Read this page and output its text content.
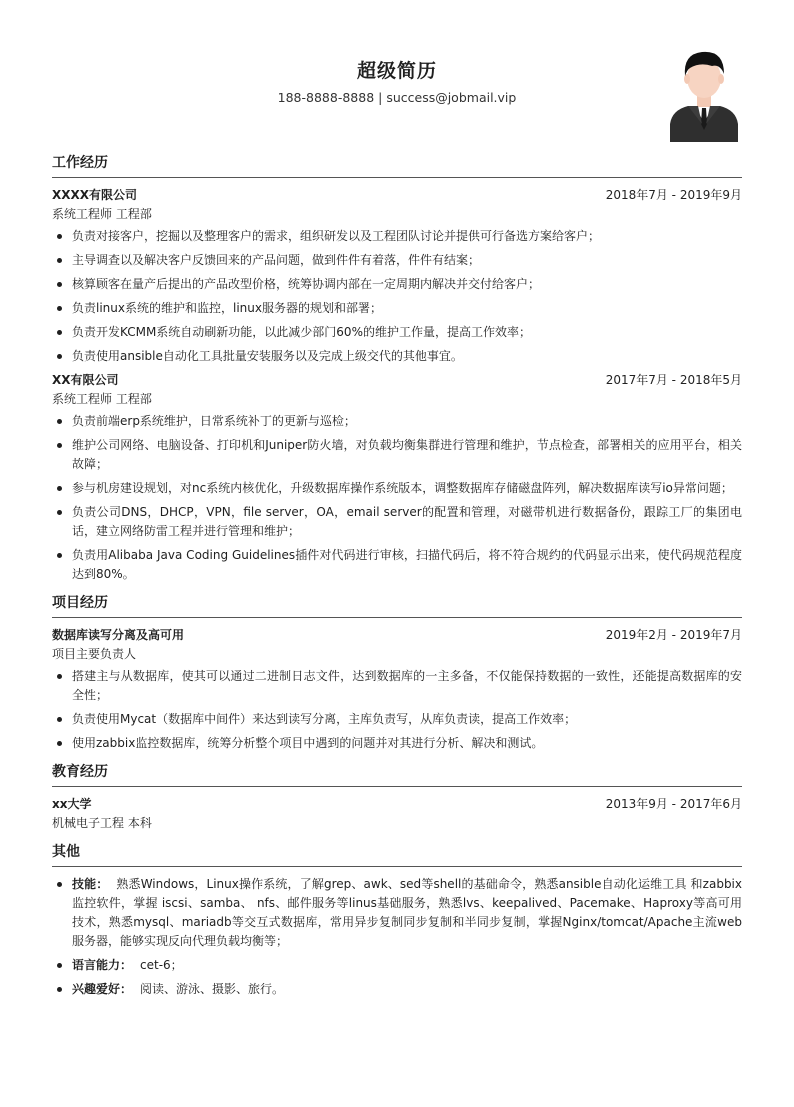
超级简历
188-8888-8888 | success@jobmail.vip
工作经历
XXXX有限公司	2018年7月 - 2019年9月
系统工程师 工程部
负责对接客户，挖掘以及整理客户的需求，组织研发以及工程团队讨论并提供可行备选方案给客户；
主导调查以及解决客户反馈回来的产品问题，做到件件有着落，件件有结案；
核算顾客在量产后提出的产品改型价格，统筹协调内部在一定周期内解决并交付给客户；
负责linux系统的维护和监控，linux服务器的规划和部署；
负责开发KCMM系统自动刷新功能，以此减少部门60%的维护工作量，提高工作效率；
负责使用ansible自动化工具批量安装服务以及完成上级交代的其他事宜。
XX有限公司	2017年7月 - 2018年5月
系统工程师 工程部
负责前端erp系统维护，日常系统补丁的更新与巡检；
维护公司网络、电脑设备、打印机和Juniper防火墙，对负载均衡集群进行管理和维护，节点检查，部署相关的应用平台，相关故障；
参与机房建设规划，对nc系统内核优化，升级数据库操作系统版本，调整数据库存储磁盘阵列，解决数据库读写io异常问题；
负责公司DNS，DHCP，VPN，file server，OA，email server的配置和管理，对磁带机进行数据备份，跟踪工厂的集团电话，建立网络防雷工程并进行管理和维护；
负责用Alibaba Java Coding Guidelines插件对代码进行审核，扫描代码后，将不符合规约的代码显示出来，使代码规范程度达到80%。
项目经历
数据库读写分离及高可用	2019年2月 - 2019年7月
项目主要负责人
搭建主与从数据库，使其可以通过二进制日志文件，达到数据库的一主多备，不仅能保持数据的一致性，还能提高数据库的安全性；
负责使用Mycat（数据库中间件）来达到读写分离，主库负责写，从库负责读，提高工作效率；
使用zabbix监控数据库，统筹分析整个项目中遇到的问题并对其进行分析、解决和测试。
教育经历
xx大学	2013年9月 - 2017年6月
机械电子工程 本科
其他
技能： 熟悉Windows，Linux操作系统，了解grep、awk、sed等shell的基础命令，熟悉ansible自动化运维工具 和zabbix监控软件，掌握 iscsi、samba、 nfs、邮件服务等linus基础服务，熟悉lvs、keepalived、Pacemake、Haproxy等高可用技术，熟悉mysql、mariadb等交互式数据库，常用异步复制同步复制和半同步复制，掌握Nginx/tomcat/Apache主流web服务器，能够实现反向代理负载均衡等；
语言能力： cet-6；
兴趣爱好： 阅读、游泳、摄影、旅行。
